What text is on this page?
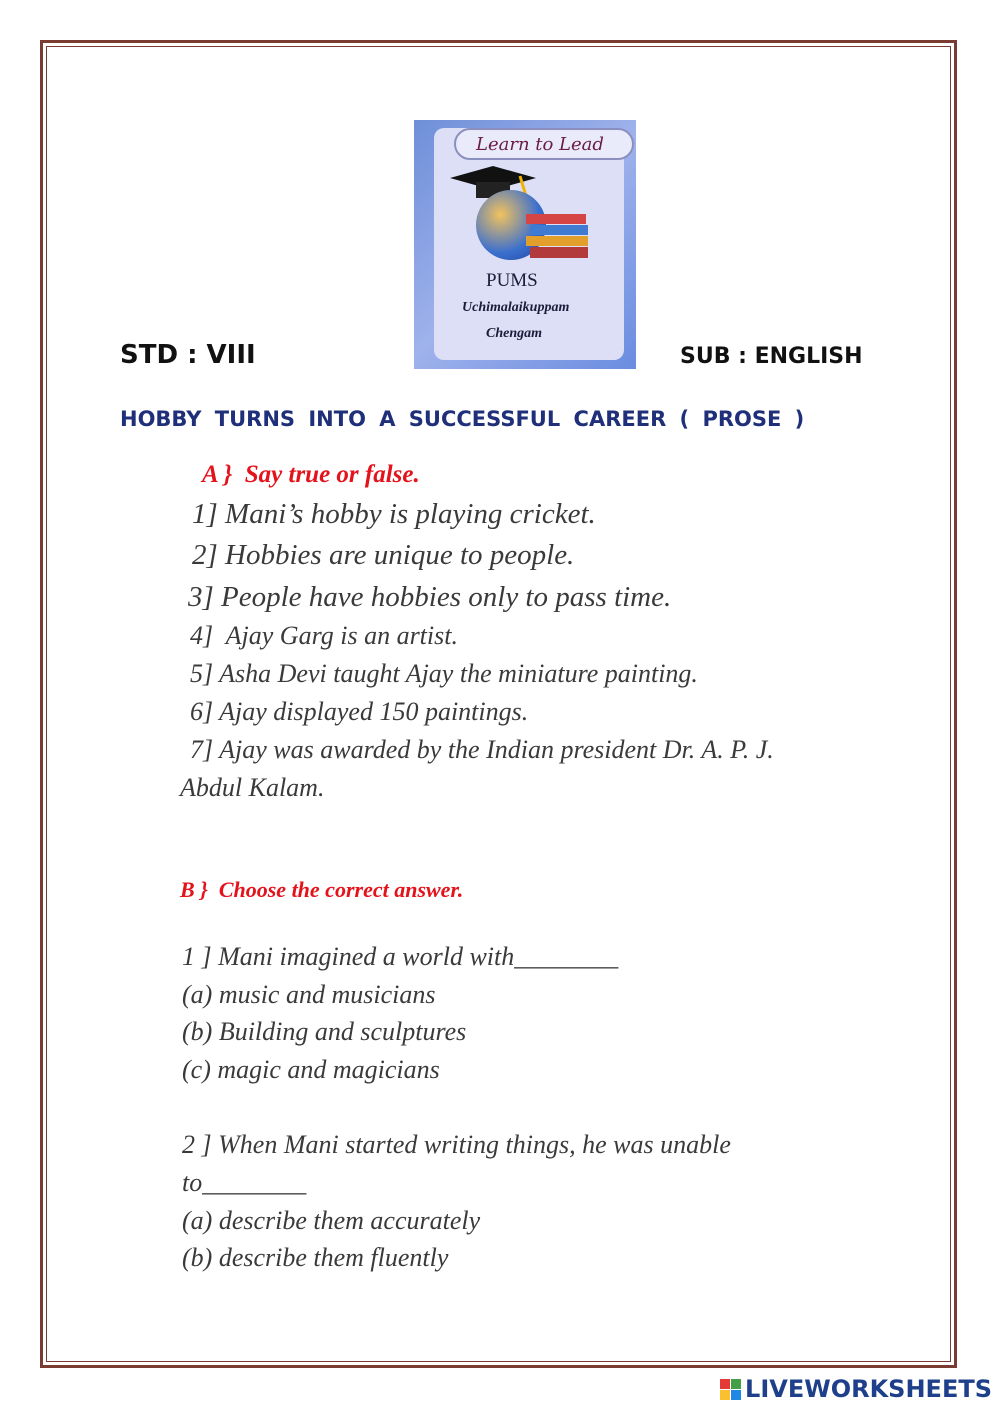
Learn to Lead
PUMS
Uchimalaikuppam
Chengam
STD : VIII	SUB : ENGLISH
HOBBY TURNS INTO A SUCCESSFUL CAREER ( PROSE )
A }  Say true or false.
1] Mani’s hobby is playing cricket.
2] Hobbies are unique to people.
3] People have hobbies only to pass time.
4]  Ajay Garg is an artist.
5] Asha Devi taught Ajay the miniature painting.
6] Ajay displayed 150 paintings.
7] Ajay was awarded by the Indian president Dr. A. P. J.
Abdul Kalam.
B }  Choose the correct answer.
1 ] Mani imagined a world with________
(a) music and musicians
(b) Building and sculptures
(c) magic and magicians
2 ] When Mani started writing things, he was unable
to________
(a) describe them accurately
(b) describe them fluently
LIVEWORKSHEETS
